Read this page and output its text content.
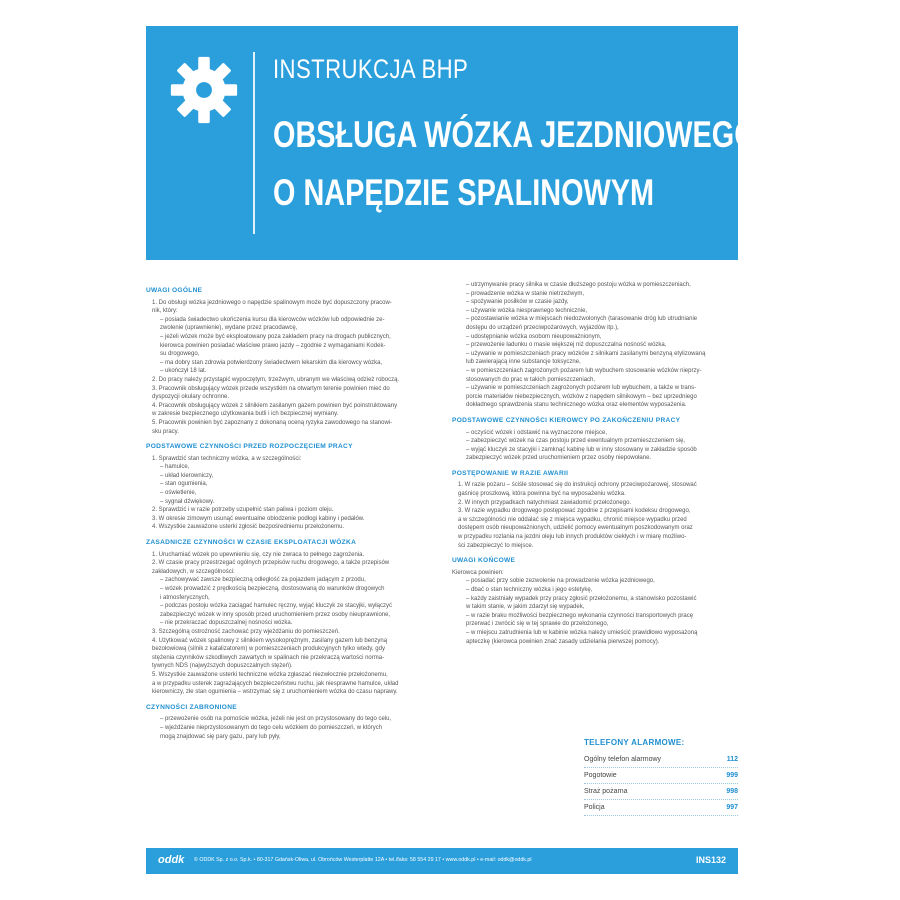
INSTRUKCJA BHP
OBSŁUGA WÓZKA JEZDNIOWEGO
O NAPĘDZIE SPALINOWYM
UWAGI OGÓLNE
1. Do obsługi wózka jezdniowego o napędzie spalinowym może być dopuszczony pracow-
nik, który:
– posiada świadectwo ukończenia kursu dla kierowców wózków lub odpowiednie ze-
zwolenie (uprawnienie), wydane przez pracodawcę,
– jeżeli wózek może być eksploatowany poza zakładem pracy na drogach publicznych,
kierowca powinien posiadać właściwe prawo jazdy – zgodnie z wymaganiami Kodek-
su drogowego,
– ma dobry stan zdrowia potwierdzony świadectwem lekarskim dla kierowcy wózka,
– ukończył 18 lat.
2. Do pracy należy przystąpić wypoczętym, trzeźwym, ubranym we właściwą odzież roboczą.
3. Pracownik obsługujący wózek przede wszystkim na otwartym terenie powinien mieć do
dyspozycji okulary ochronne.
4. Pracownik obsługujący wózek z silnikiem zasilanym gazem powinien być poinstruktowany
w zakresie bezpiecznego użytkowania butli i ich bezpiecznej wymiany.
5. Pracownik powinien być zapoznany z dokonaną oceną ryzyka zawodowego na stanowi-
sku pracy.
PODSTAWOWE CZYNNOŚCI PRZED ROZPOCZĘCIEM PRACY
1. Sprawdzić stan techniczny wózka, a w szczególności:
– hamulce,
– układ kierowniczy,
– stan ogumienia,
– oświetlenie,
– sygnał dźwiękowy.
2. Sprawdzić i w razie potrzeby uzupełnić stan paliwa i poziom oleju.
3. W okresie zimowym usunąć ewentualne oblodzenie podłogi kabiny i pedałów.
4. Wszystkie zauważone usterki zgłosić bezpośredniemu przełożonemu.
ZASADNICZE CZYNNOŚCI W CZASIE EKSPLOATACJI WÓZKA
1. Uruchamiać wózek po upewnieniu się, czy nie zwraca to pełnego zagrożenia.
2. W czasie pracy przestrzegać ogólnych przepisów ruchu drogowego, a także przepisów
zakładowych, w szczególności:
– zachowywać zawsze bezpieczną odległość za pojazdem jadącym z przodu,
– wózek prowadzić z prędkością bezpieczną, dostosowaną do warunków drogowych
i atmosferycznych,
– podczas postoju wózka zaciągać hamulec ręczny, wyjąć kluczyk ze stacyjki, wyłączyć
zabezpieczyć wózek w inny sposób przed uruchomieniem przez osoby nieuprawnione,
– nie przekraczać dopuszczalnej nośności wózka.
3. Szczególną ostrożność zachować przy wjeżdżaniu do pomieszczeń.
4. Użytkować wózek spalinowy z silnikiem wysokoprężnym, zasilany gazem lub benzyną
bezołowiową (silnik z katalizatorem) w pomieszczeniach produkcyjnych tylko wtedy, gdy
stężenia czynników szkodliwych zawartych w spalinach nie przekraczą wartości norma-
tywnych NDS (najwyższych dopuszczalnych stężeń).
5. Wszystkie zauważone usterki techniczne wózka zgłaszać niezwłocznie przełożonemu,
a w przypadku usterek zagrażających bezpieczeństwu ruchu, jak niesprawne hamulce, układ
kierowniczy, złe stan ogumienia – wstrzymać się z uruchomieniem wózka do czasu naprawy.
CZYNNOŚCI ZABRONIONE
– przewożenie osób na pomoście wózka, jeżeli nie jest on przystosowany do tego celu,
– wjeżdżanie nieprzystosowanym do tego celu wózkiem do pomieszczeń, w których
mogą znajdować się pary gazu, pary lub pyły,
– utrzymywanie pracy silnika w czasie dłuższego postoju wózka w pomieszczeniach,
– prowadzenie wózka w stanie nietrzeźwym,
– spożywanie posiłków w czasie jazdy,
– używanie wózka niesprawnego technicznie,
– pozostawianie wózka w miejscach niedozwolonych (tarasowanie dróg lub utrudnianie
dostępu do urządzeń przeciwpożarowych, wyjazdów itp.),
– udostępnianie wózka osobom nieupoważnionym,
– przewożenie ładunku o masie większej niż dopuszczalna nośność wózka,
– używanie w pomieszczeniach pracy wózków z silnikami zasilanymi benzyną etylizowaną
lub zawierającą inne substancje toksyczne,
– w pomieszczeniach zagrożonych pożarem lub wybuchem stosowanie wózków nieprzy-
stosowanych do prac w takich pomieszczeniach,
– używanie w pomieszczeniach zagrożonych pożarem lub wybuchem, a także w trans-
porcie materiałów niebezpiecznych, wózków z napędem silnikowym – bez uprzedniego
dokładnego sprawdzenia stanu technicznego wózka oraz elementów wyposażenia.
PODSTAWOWE CZYNNOŚCI KIEROWCY PO ZAKOŃCZENIU PRACY
– oczyścić wózek i odstawić na wyznaczone miejsce,
– zabezpieczyć wózek na czas postoju przed ewentualnym przemieszczeniem się,
– wyjąć kluczyk ze stacyjki i zamknąć kabinę lub w inny stosowany w zakładzie sposób
zabezpieczyć wózek przed uruchomieniem przez osoby niepowołane.
POSTĘPOWANIE W RAZIE AWARII
1. W razie pożaru – ściśle stosować się do instrukcji ochrony przeciwpożarowej, stosować
gaśnicę proszkową, która powinna być na wyposażeniu wózka.
2. W innych przypadkach natychmiast zawiadomić przełożonego.
3. W razie wypadku drogowego postępować zgodnie z przepisami kodeksu drogowego,
a w szczególności nie oddalać się z miejsca wypadku, chronić miejsce wypadku przed
dostępem osób nieupoważnionych, udzielić pomocy ewentualnym poszkodowanym oraz
w przypadku rozlania na jezdni oleju lub innych produktów ciekłych i w miarę możliwo-
ści zabezpieczyć to miejsce.
UWAGI KOŃCOWE
Kierowca powinien:
– posiadać przy sobie zezwolenie na prowadzenie wózka jezdniowego,
– dbać o stan techniczny wózka i jego estetykę,
– każdy zaistniały wypadek przy pracy zgłosić przełożonemu, a stanowisko pozostawić
w takim stanie, w jakim zdarzył się wypadek,
– w razie braku możliwości bezpiecznego wykonania czynności transportowych pracę
przerwać i zwrócić się w tej sprawie do przełożonego,
– w miejscu zatrudnienia lub w kabinie wózka należy umieścić prawidłowo wyposażoną
apteczkę (kierowca powinien znać zasady udzielania pierwszej pomocy).
TELEFONY ALARMOWE:
Ogólny telefon alarmowy	112
Pogotowie	999
Straż pożarna	998
Policja	997
oddk © ODDK Sp. z o.o. Sp.k. • 80-317 Gdańsk-Oliwa, ul. Obrońców Westerplatte 12A • tel./faks: 58 554 29 17 • www.oddk.pl • e-mail: oddk@oddk.pl	INS132
